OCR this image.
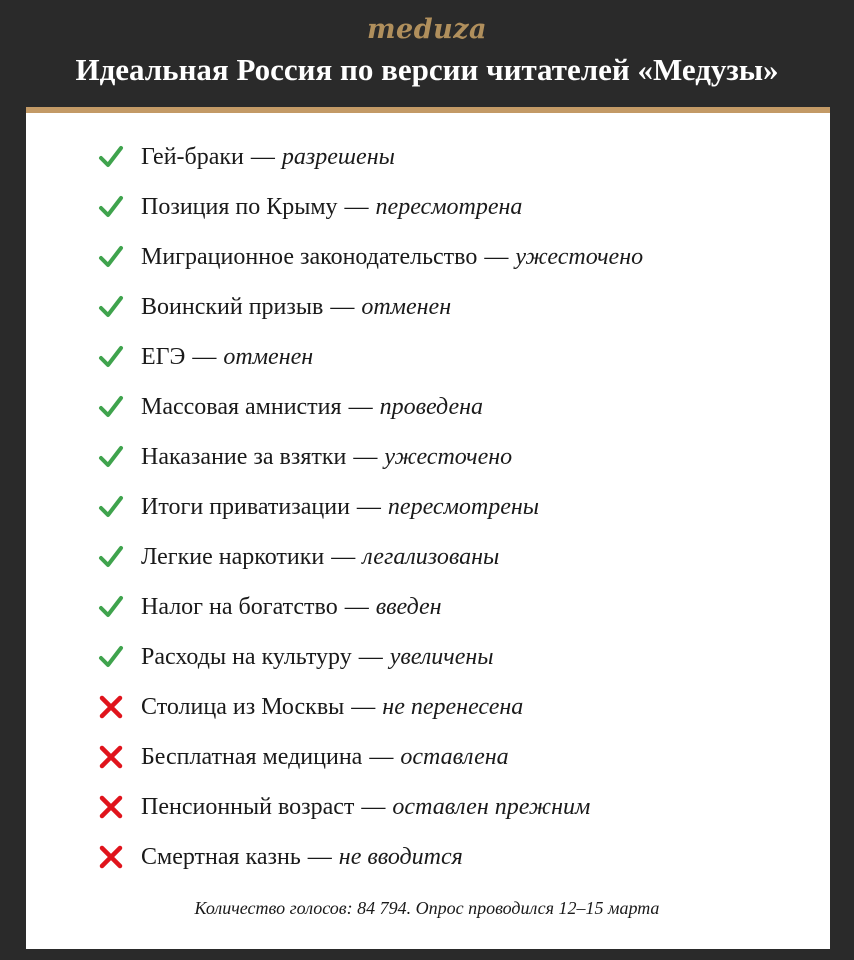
meduza
Идеальная Россия по версии читателей «Медузы»
Гей-браки — разрешены
Позиция по Крыму — пересмотрена
Миграционное законодательство — ужесточено
Воинский призыв — отменен
ЕГЭ — отменен
Массовая амнистия — проведена
Наказание за взятки — ужесточено
Итоги приватизации — пересмотрены
Легкие наркотики — легализованы
Налог на богатство — введен
Расходы на культуру — увеличены
Столица из Москвы — не перенесена
Бесплатная медицина — оставлена
Пенсионный возраст — оставлен прежним
Смертная казнь — не вводится
Количество голосов: 84 794. Опрос проводился 12–15 марта
